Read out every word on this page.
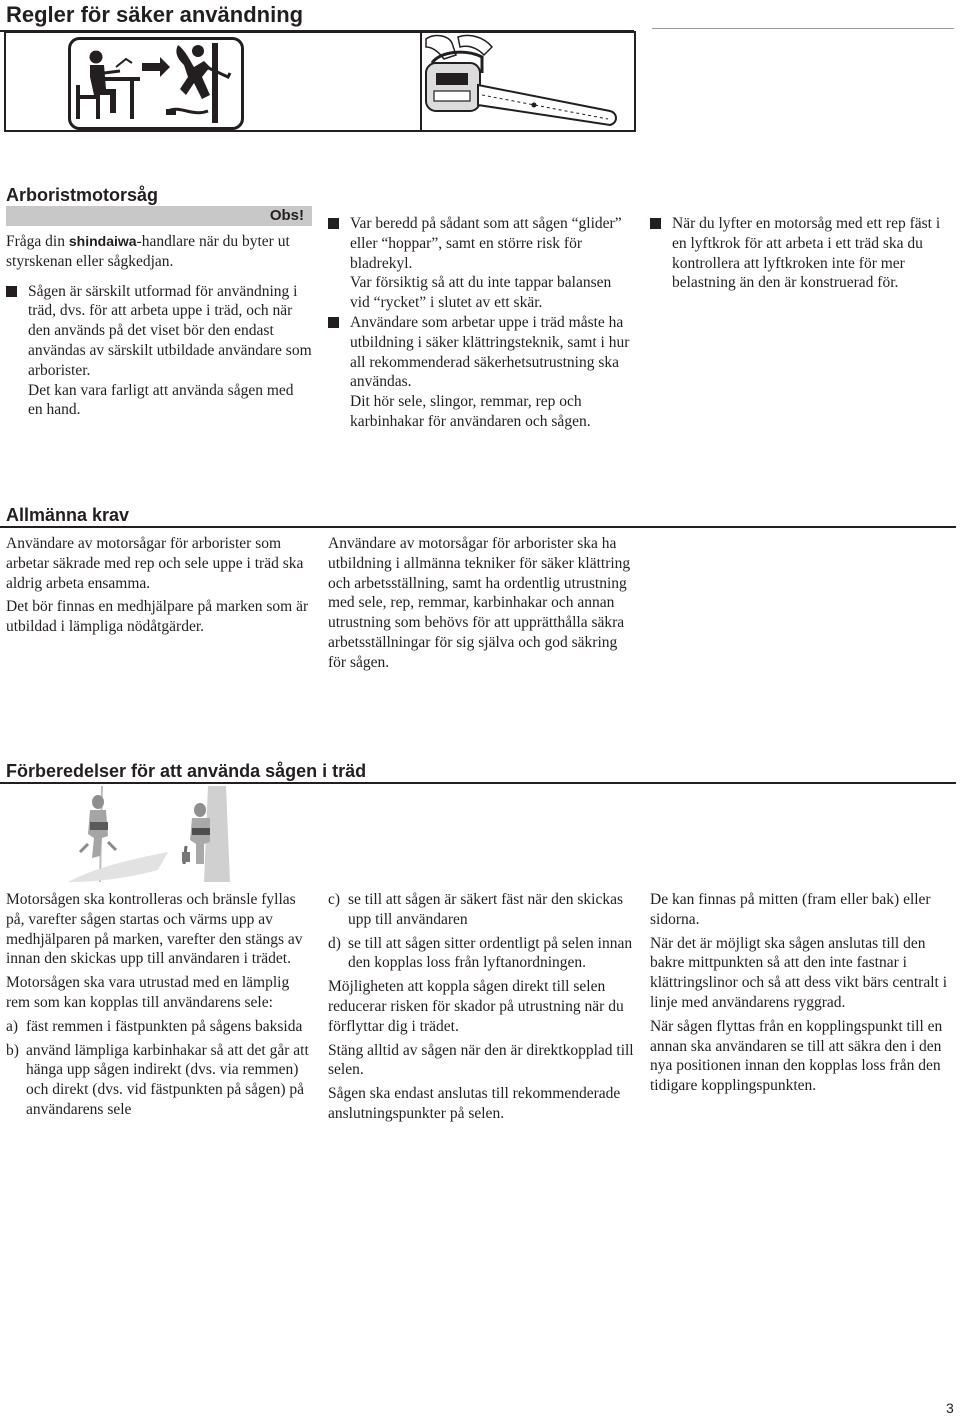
Regler för säker användning
Arboristmotorsåg
Obs!

Fråga din shindaiwa-handlare när du byter ut styrskenan eller sågkedjan.

Sågen är särskilt utformad för användning i träd, dvs. för att arbeta uppe i träd, och när den används på det viset bör den endast användas av särskilt utbildade användare som arborister.

Det kan vara farligt att använda sågen med en hand.

Var beredd på sådant som att sågen “glider” eller “hoppar”, samt en större risk för bladrekyl.

Var försiktig så att du inte tappar balansen vid “rycket” i slutet av ett skär.

Användare som arbetar uppe i träd måste ha utbildning i säker klättringsteknik, samt i hur all rekommenderad säkerhetsutrustning ska användas.

Dit hör sele, slingor, remmar, rep och karbinhakar för användaren och sågen.

När du lyfter en motorsåg med ett rep fäst i en lyftkrok för att arbeta i ett träd ska du kontrollera att lyftkroken inte för mer belastning än den är konstruerad för.

Allmänna krav

Användare av motorsågar för arborister som arbetar säkrade med rep och sele uppe i träd ska aldrig arbeta ensamma.

Det bör finnas en medhjälpare på marken som är utbildad i lämpliga nödåtgärder.

Användare av motorsågar för arborister ska ha utbildning i allmänna tekniker för säker klättring och arbetsställning, samt ha ordentlig utrustning med sele, rep, remmar, karbinhakar och annan utrustning som behövs för att upprätthålla säkra arbetsställningar för sig själva och god säkring för sågen.

Förberedelser för att använda sågen i träd

Motorsågen ska kontrolleras och bränsle fyllas på, varefter sågen startas och värms upp av medhjälparen på marken, varefter den stängs av innan den skickas upp till användaren i trädet.

Motorsågen ska vara utrustad med en lämplig rem som kan kopplas till användarens sele:

a) fäst remmen i fästpunkten på sågens baksida

b) använd lämpliga karbinhakar så att det går att hänga upp sågen indirekt (dvs. via remmen) och direkt (dvs. vid fästpunkten på sågen) på användarens sele

c) se till att sågen är säkert fäst när den skickas upp till användaren

d) se till att sågen sitter ordentligt på selen innan den kopplas loss från lyftanordningen.

Möjligheten att koppla sågen direkt till selen reducerar risken för skador på utrustning när du förflyttar dig i trädet.

Stäng alltid av sågen när den är direktkopplad till selen.

Sågen ska endast anslutas till rekommenderade anslutningspunkter på selen.

De kan finnas på mitten (fram eller bak) eller sidorna.

När det är möjligt ska sågen anslutas till den bakre mittpunkten så att den inte fastnar i klättringslinor och så att dess vikt bärs centralt i linje med användarens ryggrad.

När sågen flyttas från en kopplingspunkt till en annan ska användaren se till att säkra den i den nya positionen innan den kopplas loss från den tidigare kopplingspunkten.

3
